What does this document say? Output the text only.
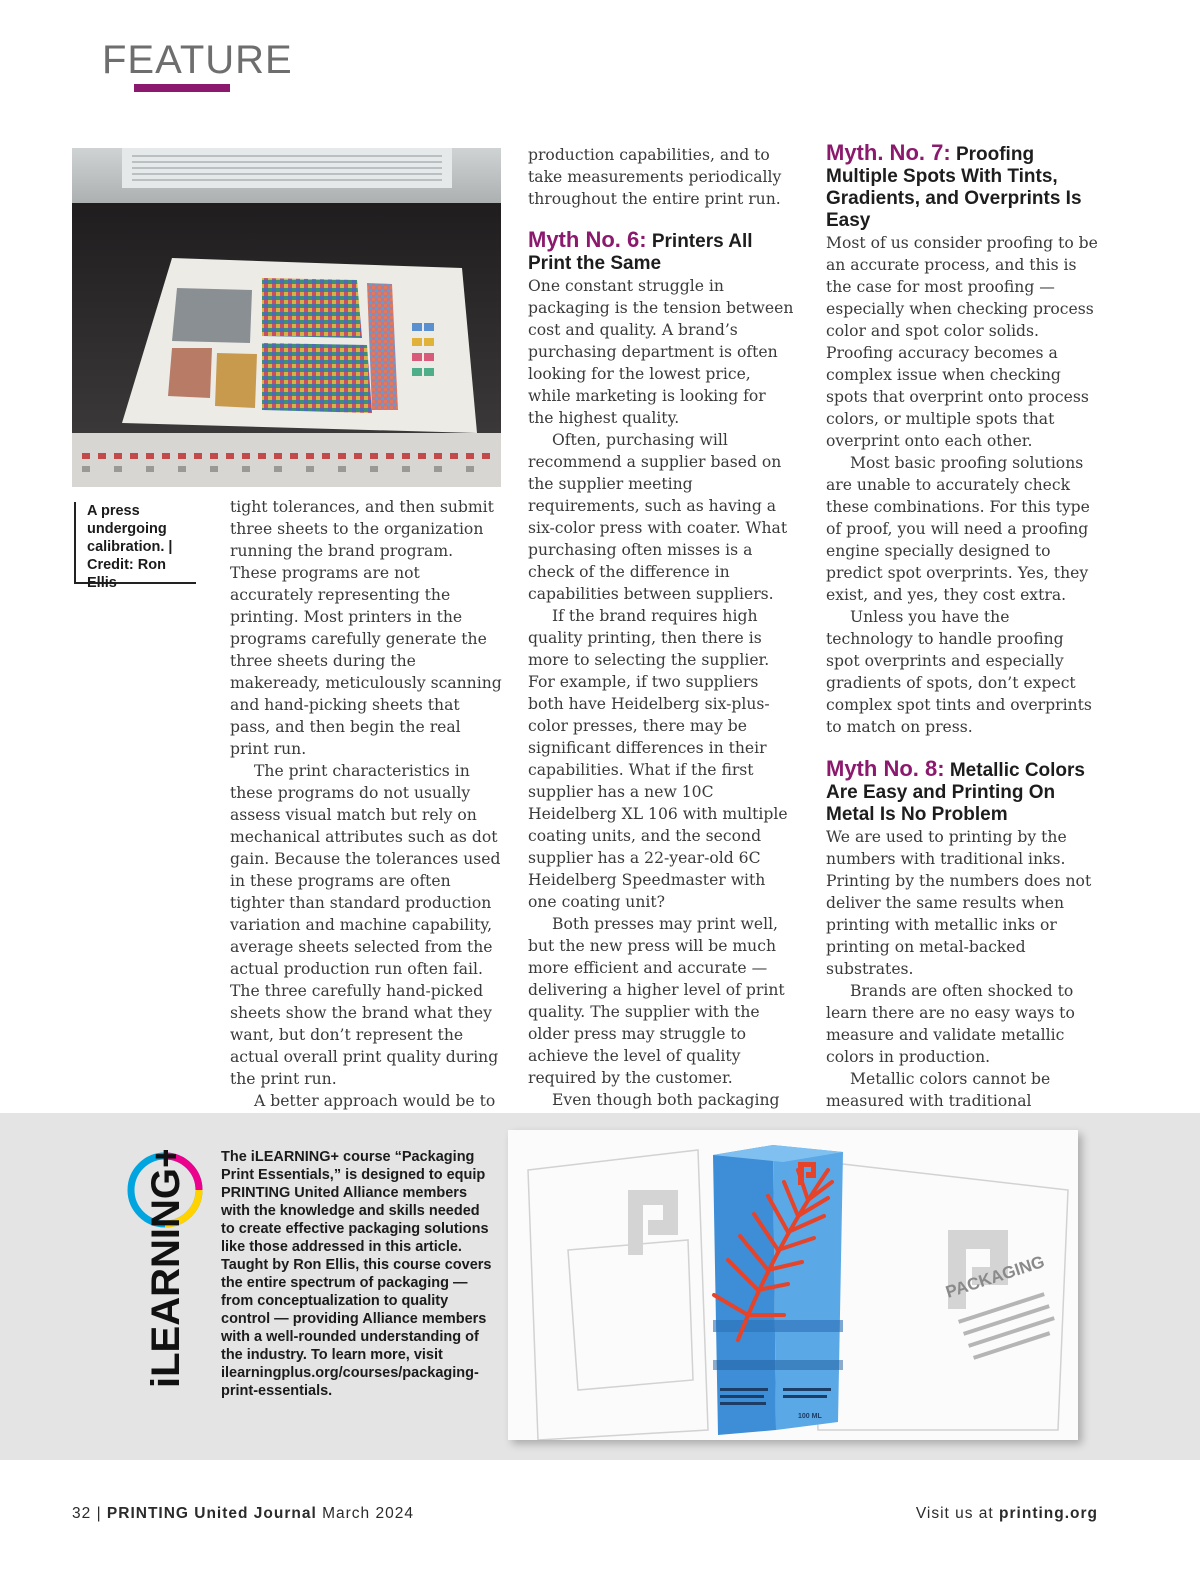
FEATURE
A press undergoing calibration. | Credit: Ron Ellis

tight tolerances, and then submit three sheets to the organization running the brand program.

These programs are not accurately representing the printing. Most printers in the programs carefully generate the three sheets during the makeready, meticulously scanning and hand-picking sheets that pass, and then begin the real print run.

The print characteristics in these programs do not usually assess visual match but rely on mechanical attributes such as dot gain. Because the tolerances used in these programs are often tighter than standard production variation and machine capability, average sheets selected from the actual production run often fail. The three carefully hand-picked sheets show the brand what they want, but don’t represent the actual overall print quality during the print run.

A better approach would be to

production capabilities, and to take measurements periodically throughout the entire print run.

Myth No. 6: Printers All Print the Same

One constant struggle in packaging is the tension between cost and quality. A brand’s purchasing department is often looking for the lowest price, while marketing is looking for the highest quality.

Often, purchasing will recommend a supplier based on the supplier meeting requirements, such as having a six-color press with coater. What purchasing often misses is a check of the difference in capabilities between suppliers.

If the brand requires high quality printing, then there is more to selecting the supplier. For example, if two suppliers both have Heidelberg six-plus-color presses, there may be significant differences in their capabilities. What if the first supplier has a new 10C Heidelberg XL 106 with multiple coating units, and the second supplier has a 22-year-old 6C Heidelberg Speedmaster with one coating unit?

Both presses may print well, but the new press will be much more efficient and accurate — delivering a higher level of print quality. The supplier with the older press may struggle to achieve the level of quality required by the customer.

Even though both packaging

Myth. No. 7: Proofing Multiple Spots With Tints, Gradients, and Overprints Is Easy

Most of us consider proofing to be an accurate process, and this is the case for most proofing — especially when checking process color and spot color solids. Proofing accuracy becomes a complex issue when checking spots that overprint onto process colors, or multiple spots that overprint onto each other.

Most basic proofing solutions are unable to accurately check these combinations. For this type of proof, you will need a proofing engine specially designed to predict spot overprints. Yes, they exist, and yes, they cost extra.

Unless you have the technology to handle proofing spot overprints and especially gradients of spots, don’t expect complex spot tints and overprints to match on press.

Myth No. 8: Metallic Colors Are Easy and Printing On Metal Is No Problem

We are used to printing by the numbers with traditional inks. Printing by the numbers does not deliver the same results when printing with metallic inks or printing on metal-backed substrates.

Brands are often shocked to learn there are no easy ways to measure and validate metallic colors in production.

Metallic colors cannot be measured with traditional

iLEARNING+ The iLEARNING+ course “Packaging Print Essentials,” is designed to equip PRINTING United Alliance members with the knowledge and skills needed to create effective packaging solutions like those addressed in this article. Taught by Ron Ellis, this course covers the entire spectrum of packaging — from conceptualization to quality control — providing Alliance members with a well-rounded understanding of the industry. To learn more, visit ilearningplus.org/courses/packaging-print-essentials.
PACKAGING
100 ML
32 | PRINTING United Journal March 2024	Visit us at printing.org
